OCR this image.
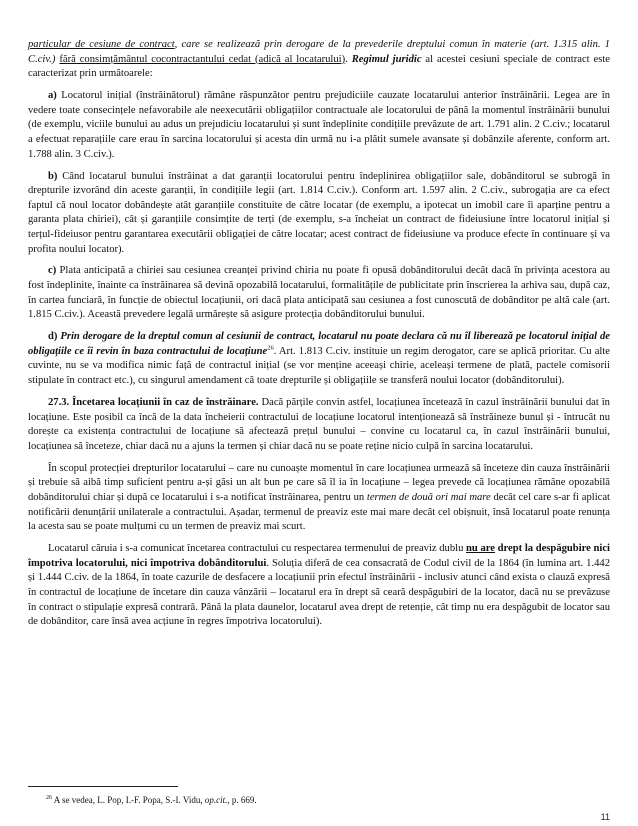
particular de cesiune de contract, care se realizează prin derogare de la prevederile dreptului comun în materie (art. 1.315 alin. 1 C.civ.) fără consimțământul cocontractantului cedat (adică al locatarului). Regimul juridic al acestei cesiuni speciale de contract este caracterizat prin următoarele:

a) Locatorul inițial (înstrăinătorul) rămâne răspunzător pentru prejudiciile cauzate locatarului anterior înstrăinării. Legea are în vedere toate consecințele nefavorabile ale neexecutării obligațiilor contractuale ale locatorului de până la momentul înstrăinării bunului (de exemplu, viciile bunului au adus un prejudiciu locatarului și sunt îndeplinite condițiile prevăzute de art. 1.791 alin. 2 C.civ.; locatarul a efectuat reparațiile care erau în sarcina locatorului și acesta din urmă nu i-a plătit sumele avansate și dobânzile aferente, conform art. 1.788 alin. 3 C.civ.).

b) Când locatarul bunului înstrăinat a dat garanții locatorului pentru îndeplinirea obligațiilor sale, dobânditorul se subrogă în drepturile izvorând din aceste garanții, în condițiile legii (art. 1.814 C.civ.). Conform art. 1.597 alin. 2 C.civ., subrogația are ca efect faptul că noul locator dobândește atât garanțiile constituite de către locatar (de exemplu, a ipotecat un imobil care îi aparține pentru a garanta plata chiriei), cât și garanțiile consimțite de terți (de exemplu, s-a încheiat un contract de fideiusiune între locatorul inițial și terțul-fideiusor pentru garantarea executării obligației de către locatar; acest contract de fideiusiune va produce efecte în continuare și va profita noului locator).

c) Plata anticipată a chiriei sau cesiunea creanței privind chiria nu poate fi opusă dobânditorului decât dacă în privința acestora au fost îndeplinite, înainte ca înstrăinarea să devină opozabilă locatarului, formalitățile de publicitate prin înscrierea la arhiva sau, după caz, în cartea funciară, în funcție de obiectul locațiunii, ori dacă plata anticipată sau cesiunea a fost cunoscută de dobânditor pe altă cale (art. 1.815 C.civ.). Această prevedere legală urmărește să asigure protecția dobânditorului bunului.

d) Prin derogare de la dreptul comun al cesiunii de contract, locatarul nu poate declara că nu îl liberează pe locatorul inițial de obligațiile ce îi revin în baza contractului de locațiune$^{26}$. Art. 1.813 C.civ. instituie un regim derogator, care se aplică prioritar. Cu alte cuvinte, nu se va modifica nimic față de contractul inițial (se vor menține aceeași chirie, aceleași termene de plată, pactele comisorii stipulate în contract etc.), cu singurul amendament că toate drepturile și obligațiile se transferă noului locator (dobânditorului).

27.3. Încetarea locațiunii în caz de înstrăinare. Dacă părțile convin astfel, locațiunea încetează în cazul înstrăinării bunului dat în locațiune. Este posibil ca încă de la data încheierii contractului de locațiune locatorul intenționează să înstrăineze bunul și - întrucât nu dorește ca existența contractului de locațiune să afectează prețul bunului – convine cu locatarul ca, în cazul înstrăinării bunului, locațiunea să înceteze, chiar dacă nu a ajuns la termen și chiar dacă nu se poate reține nicio culpă în sarcina locatarului.

În scopul protecției drepturilor locatarului – care nu cunoaște momentul în care locațiunea urmează să înceteze din cauza înstrăinării și trebuie să aibă timp suficient pentru a-și găsi un alt bun pe care să îl ia în locațiune – legea prevede că locațiunea rămâne opozabilă dobânditorului chiar și după ce locatarului i s-a notificat înstrăinarea, pentru un termen de două ori mai mare decât cel care s-ar fi aplicat notificării denunțării unilaterale a contractului. Așadar, termenul de preaviz este mai mare decât cel obișnuit, însă locatarul poate renunța la acesta sau se poate mulțumi cu un termen de preaviz mai scurt.

Locatarul căruia i s-a comunicat încetarea contractului cu respectarea termenului de preaviz dublu nu are drept la despăgubire nici împotriva locatorului, nici împotriva dobânditorului. Soluția diferă de cea consacrată de Codul civil de la 1864 (în lumina art. 1.442 și 1.444 C.civ. de la 1864, în toate cazurile de desfacere a locațiunii prin efectul înstrăinării - inclusiv atunci când exista o clauză expresă în contractul de locațiune de încetare din cauza vânzării – locatarul era în drept să ceară despăgubiri de la locator, dacă nu se prevăzuse în contract o stipulație expresă contrară. Până la plata daunelor, locatarul avea drept de retenție, cât timp nu era despăgubit de locator sau de dobânditor, care însă avea acțiune în regres împotriva locatorului).

$^{26}$ A se vedea, L. Pop, I.-F. Popa, S.-I. Vidu, op.cit., p. 669.

11
